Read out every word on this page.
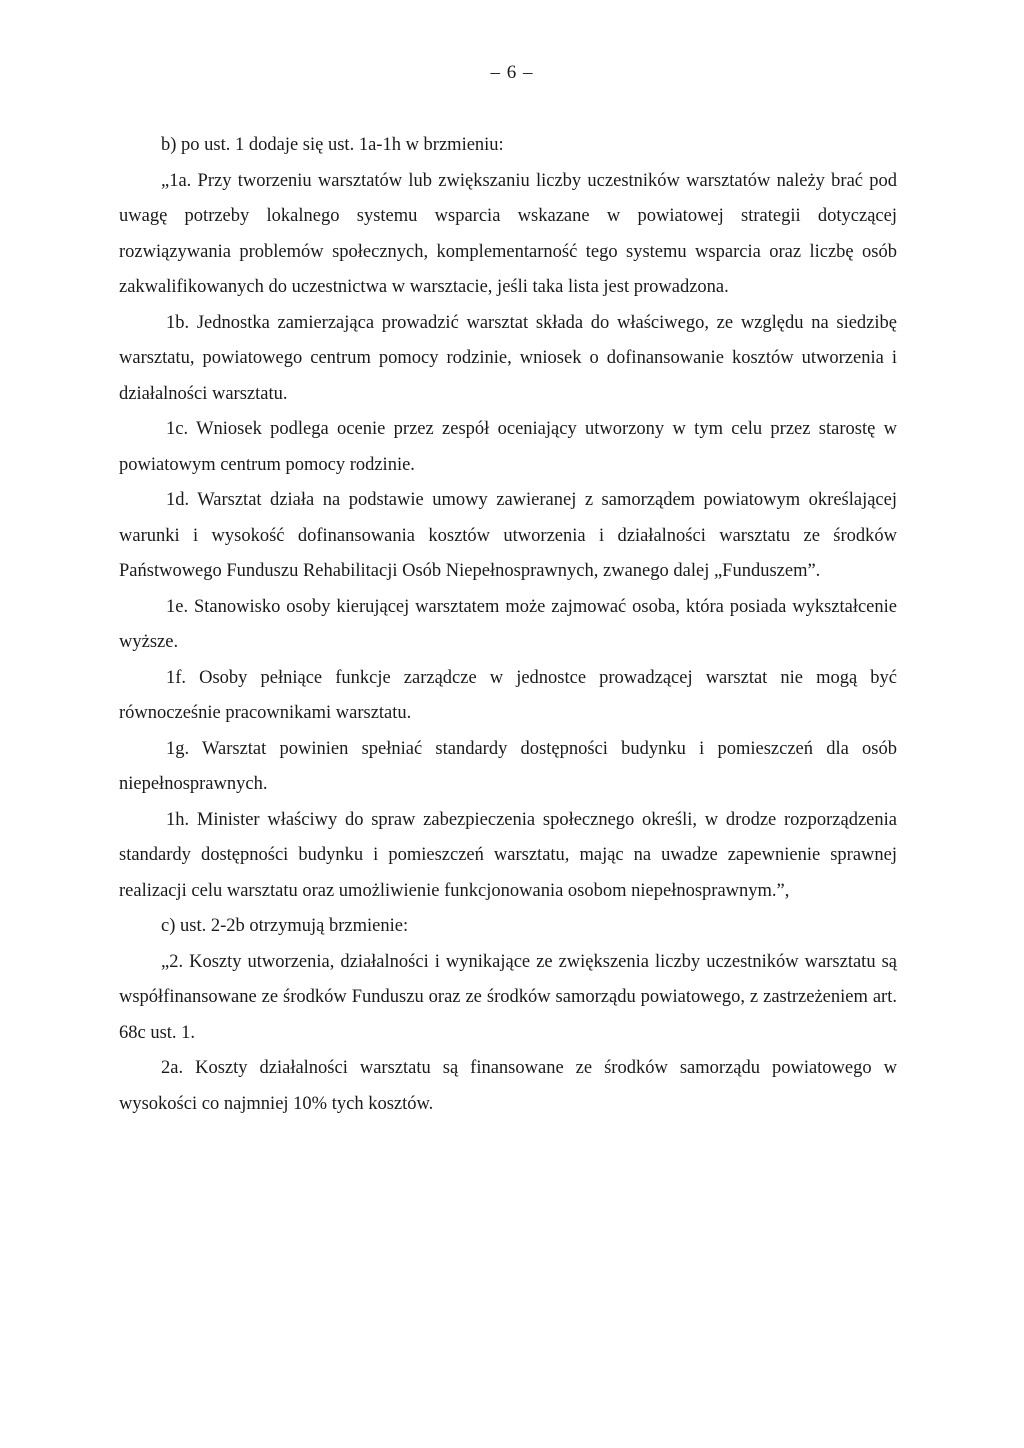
– 6 –

b) po ust. 1 dodaje się ust. 1a-1h w brzmieniu:

„1a. Przy tworzeniu warsztatów lub zwiększaniu liczby uczestników warsztatów należy brać pod uwagę potrzeby lokalnego systemu wsparcia wskazane w powiatowej strategii dotyczącej rozwiązywania problemów społecznych, komplementarność tego systemu wsparcia oraz liczbę osób zakwalifikowanych do uczestnictwa w warsztacie, jeśli taka lista jest prowadzona.

1b. Jednostka zamierzająca prowadzić warsztat składa do właściwego, ze względu na siedzibę warsztatu, powiatowego centrum pomocy rodzinie, wniosek o dofinansowanie kosztów utworzenia i działalności warsztatu.

1c. Wniosek podlega ocenie przez zespół oceniający utworzony w tym celu przez starostę w powiatowym centrum pomocy rodzinie.

1d. Warsztat działa na podstawie umowy zawieranej z samorządem powiatowym określającej warunki i wysokość dofinansowania kosztów utworzenia i działalności warsztatu ze środków Państwowego Funduszu Rehabilitacji Osób Niepełnosprawnych, zwanego dalej „Funduszem”.

1e. Stanowisko osoby kierującej warsztatem może zajmować osoba, która posiada wykształcenie wyższe.

1f. Osoby pełniące funkcje zarządcze w jednostce prowadzącej warsztat nie mogą być równocześnie pracownikami warsztatu.

1g. Warsztat powinien spełniać standardy dostępności budynku i pomieszczeń dla osób niepełnosprawnych.

1h. Minister właściwy do spraw zabezpieczenia społecznego określi, w drodze rozporządzenia standardy dostępności budynku i pomieszczeń warsztatu, mając na uwadze zapewnienie sprawnej realizacji celu warsztatu oraz umożliwienie funkcjonowania osobom niepełnosprawnym.”,

c) ust. 2-2b otrzymują brzmienie:

„2. Koszty utworzenia, działalności i wynikające ze zwiększenia liczby uczestników warsztatu są współfinansowane ze środków Funduszu oraz ze środków samorządu powiatowego, z zastrzeżeniem art. 68c ust. 1.

2a. Koszty działalności warsztatu są finansowane ze środków samorządu powiatowego w wysokości co najmniej 10% tych kosztów.
